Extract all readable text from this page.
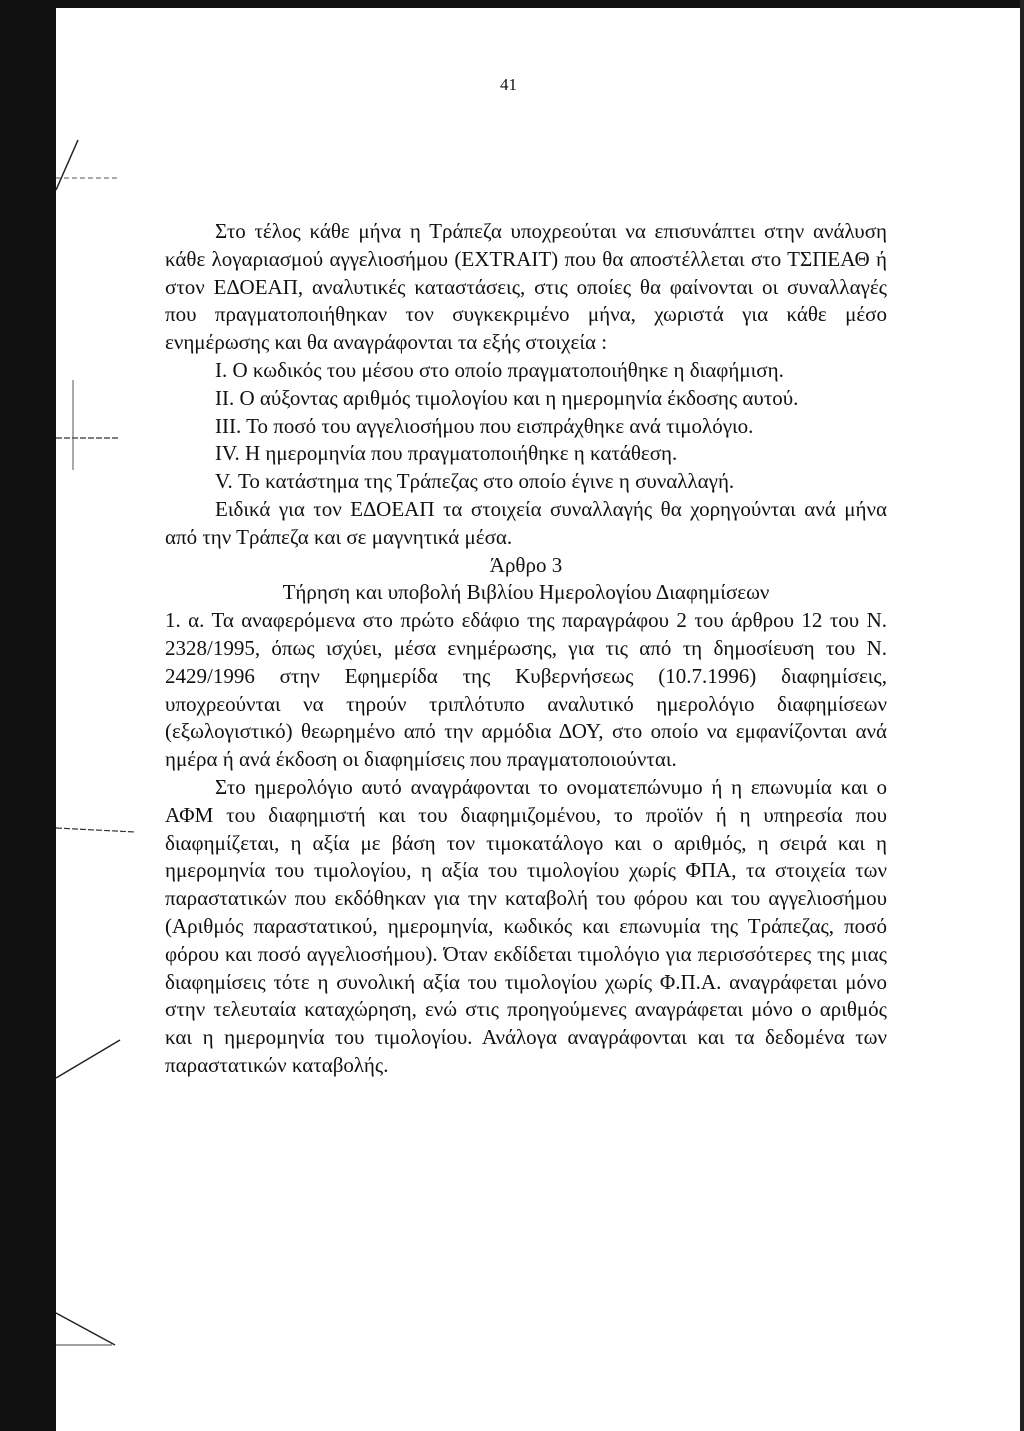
41

Στο τέλος κάθε μήνα η Τράπεζα υποχρεούται να επισυνάπτει στην ανάλυση κάθε λογαριασμού αγγελιοσήμου (EXTRAIT) που θα αποστέλλεται στο ΤΣΠΕΑΘ ή στον ΕΔΟΕΑΠ, αναλυτικές καταστάσεις, στις οποίες θα φαίνονται οι συναλλαγές που πραγματοποιήθηκαν τον συγκεκριμένο μήνα, χωριστά για κάθε μέσο ενημέρωσης και θα αναγράφονται τα εξής στοιχεία :

Ι. Ο κωδικός του μέσου στο οποίο πραγματοποιήθηκε η διαφήμιση.

ΙΙ. Ο αύξοντας αριθμός τιμολογίου και η ημερομηνία έκδοσης αυτού.

ΙΙΙ. Το ποσό του αγγελιοσήμου που εισπράχθηκε ανά τιμολόγιο.

IV. Η ημερομηνία που πραγματοποιήθηκε η κατάθεση.

V. Το κατάστημα της Τράπεζας στο οποίο έγινε η συναλλαγή.

Ειδικά για τον ΕΔΟΕΑΠ τα στοιχεία συναλλαγής θα χορηγούνται ανά μήνα από την Τράπεζα και σε μαγνητικά μέσα.

Άρθρο 3

Τήρηση και υποβολή Βιβλίου Ημερολογίου Διαφημίσεων

1. α. Τα αναφερόμενα στο πρώτο εδάφιο της παραγράφου 2 του άρθρου 12 του Ν. 2328/1995, όπως ισχύει, μέσα ενημέρωσης, για τις από τη δημοσίευση του Ν. 2429/1996 στην Εφημερίδα της Κυβερνήσεως (10.7.1996) διαφημίσεις, υποχρεούνται να τηρούν τριπλότυπο αναλυτικό ημερολόγιο διαφημίσεων (εξωλογιστικό) θεωρημένο από την αρμόδια ΔΟΥ, στο οποίο να εμφανίζονται ανά ημέρα ή ανά έκδοση οι διαφημίσεις που πραγματοποιούνται.

Στο ημερολόγιο αυτό αναγράφονται το ονοματεπώνυμο ή η επωνυμία και ο ΑΦΜ του διαφημιστή και του διαφημιζομένου, το προϊόν ή η υπηρεσία που διαφημίζεται, η αξία με βάση τον τιμοκατάλογο και ο αριθμός, η σειρά και η ημερομηνία του τιμολογίου, η αξία του τιμολογίου χωρίς ΦΠΑ, τα στοιχεία των παραστατικών που εκδόθηκαν για την καταβολή του φόρου και του αγγελιοσήμου (Αριθμός παραστατικού, ημερομηνία, κωδικός και επωνυμία της Τράπεζας, ποσό φόρου και ποσό αγγελιοσήμου). Όταν εκδίδεται τιμολόγιο για περισσότερες της μιας διαφημίσεις τότε η συνολική αξία του τιμολογίου χωρίς Φ.Π.Α. αναγράφεται μόνο στην τελευταία καταχώρηση, ενώ στις προηγούμενες αναγράφεται μόνο ο αριθμός και η ημερομηνία του τιμολογίου. Ανάλογα αναγράφονται και τα δεδομένα των παραστατικών καταβολής.
